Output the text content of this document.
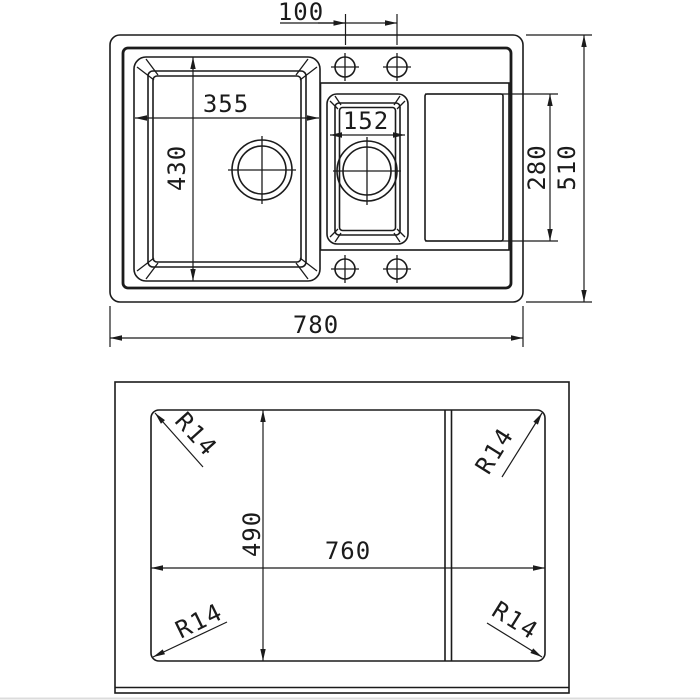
100
355
430
152
280 510
780
490 760
R14	R14
R14	R14
